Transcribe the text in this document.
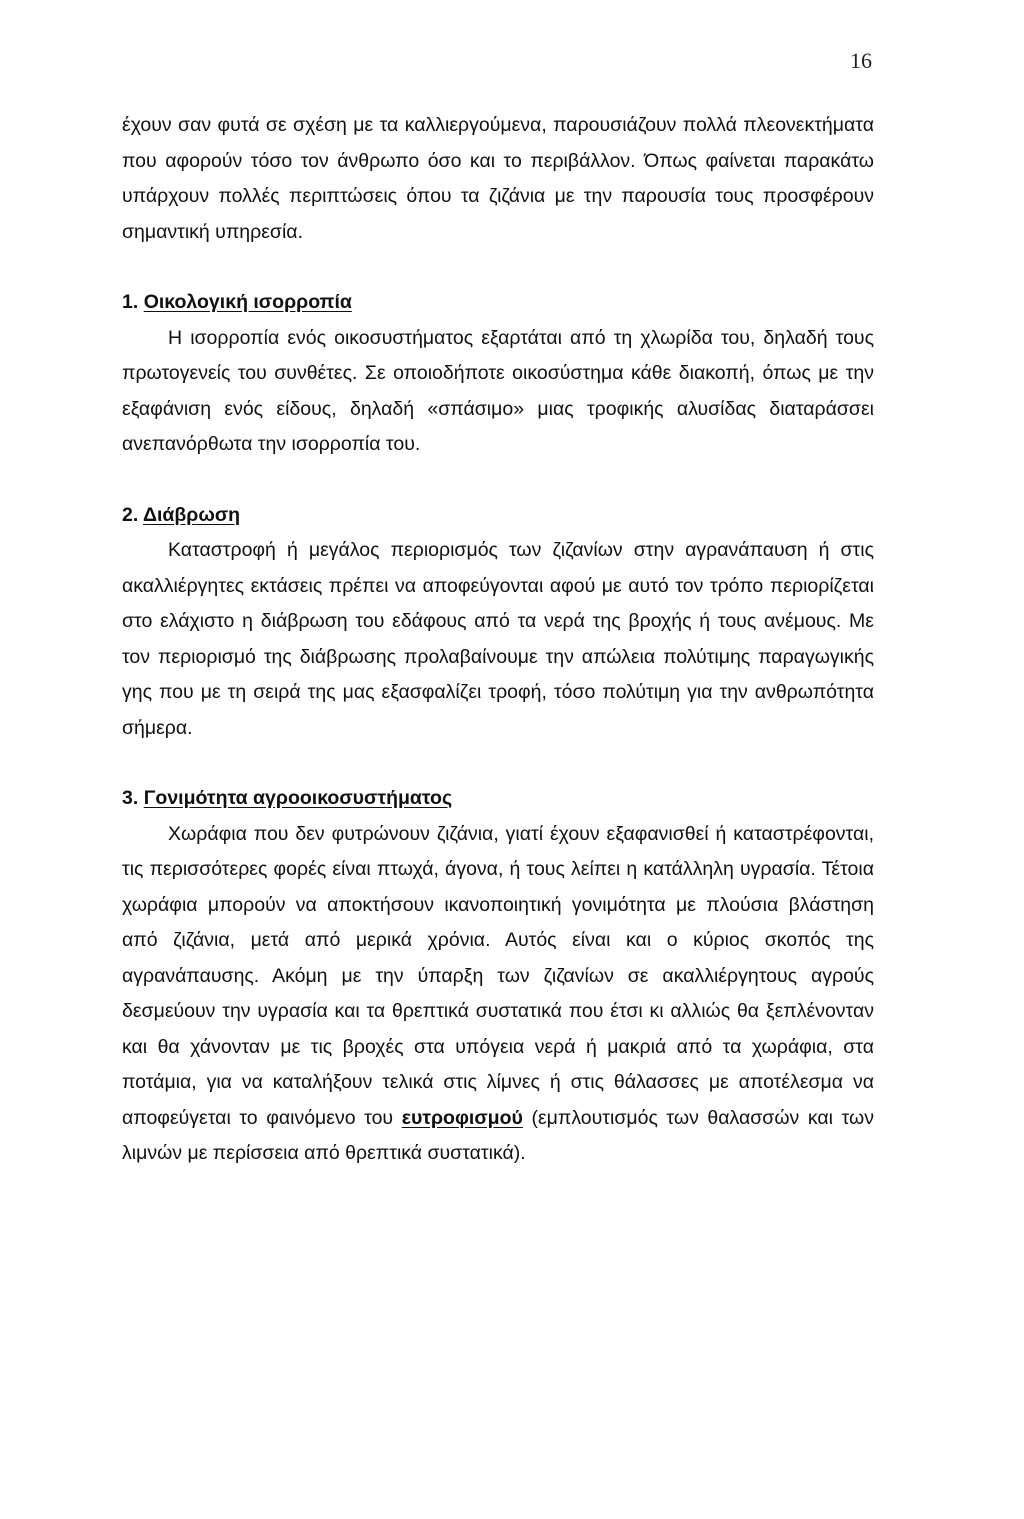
16

έχουν σαν φυτά σε σχέση με τα καλλιεργούμενα, παρουσιάζουν πολλά πλεονεκτήματα που αφορούν τόσο τον άνθρωπο όσο και το περιβάλλον. Όπως φαίνεται παρακάτω υπάρχουν πολλές περιπτώσεις όπου τα ζιζάνια με την παρουσία τους προσφέρουν σημαντική υπηρεσία.

1. Οικολογική ισορροπία

Η ισορροπία ενός οικοσυστήματος εξαρτάται από τη χλωρίδα του, δηλαδή τους πρωτογενείς του συνθέτες. Σε οποιοδήποτε οικοσύστημα κάθε διακοπή, όπως με την εξαφάνιση ενός είδους, δηλαδή «σπάσιμο» μιας τροφικής αλυσίδας διαταράσσει ανεπανόρθωτα την ισορροπία του.

2. Διάβρωση

Καταστροφή ή μεγάλος περιορισμός των ζιζανίων στην αγρανάπαυση ή στις ακαλλιέργητες εκτάσεις πρέπει να αποφεύγονται αφού με αυτό τον τρόπο περιορίζεται στο ελάχιστο η διάβρωση του εδάφους από τα νερά της βροχής ή τους ανέμους. Με τον περιορισμό της διάβρωσης προλαβαίνουμε την απώλεια πολύτιμης παραγωγικής γης που με τη σειρά της μας εξασφαλίζει τροφή, τόσο πολύτιμη για την ανθρωπότητα σήμερα.

3. Γονιμότητα αγροοικοσυστήματος

Χωράφια που δεν φυτρώνουν ζιζάνια, γιατί έχουν εξαφανισθεί ή καταστρέφονται, τις περισσότερες φορές είναι πτωχά, άγονα, ή τους λείπει η κατάλληλη υγρασία. Τέτοια χωράφια μπορούν να αποκτήσουν ικανοποιητική γονιμότητα με πλούσια βλάστηση από ζιζάνια, μετά από μερικά χρόνια. Αυτός είναι και ο κύριος σκοπός της αγρανάπαυσης. Ακόμη με την ύπαρξη των ζιζανίων σε ακαλλιέργητους αγρούς δεσμεύουν την υγρασία και τα θρεπτικά συστατικά που έτσι κι αλλιώς θα ξεπλένονταν και θα χάνονταν με τις βροχές στα υπόγεια νερά ή μακριά από τα χωράφια, στα ποτάμια, για να καταλήξουν τελικά στις λίμνες ή στις θάλασσες με αποτέλεσμα να αποφεύγεται το φαινόμενο του ευτροφισμού (εμπλουτισμός των θαλασσών και των λιμνών με περίσσεια από θρεπτικά συστατικά).
